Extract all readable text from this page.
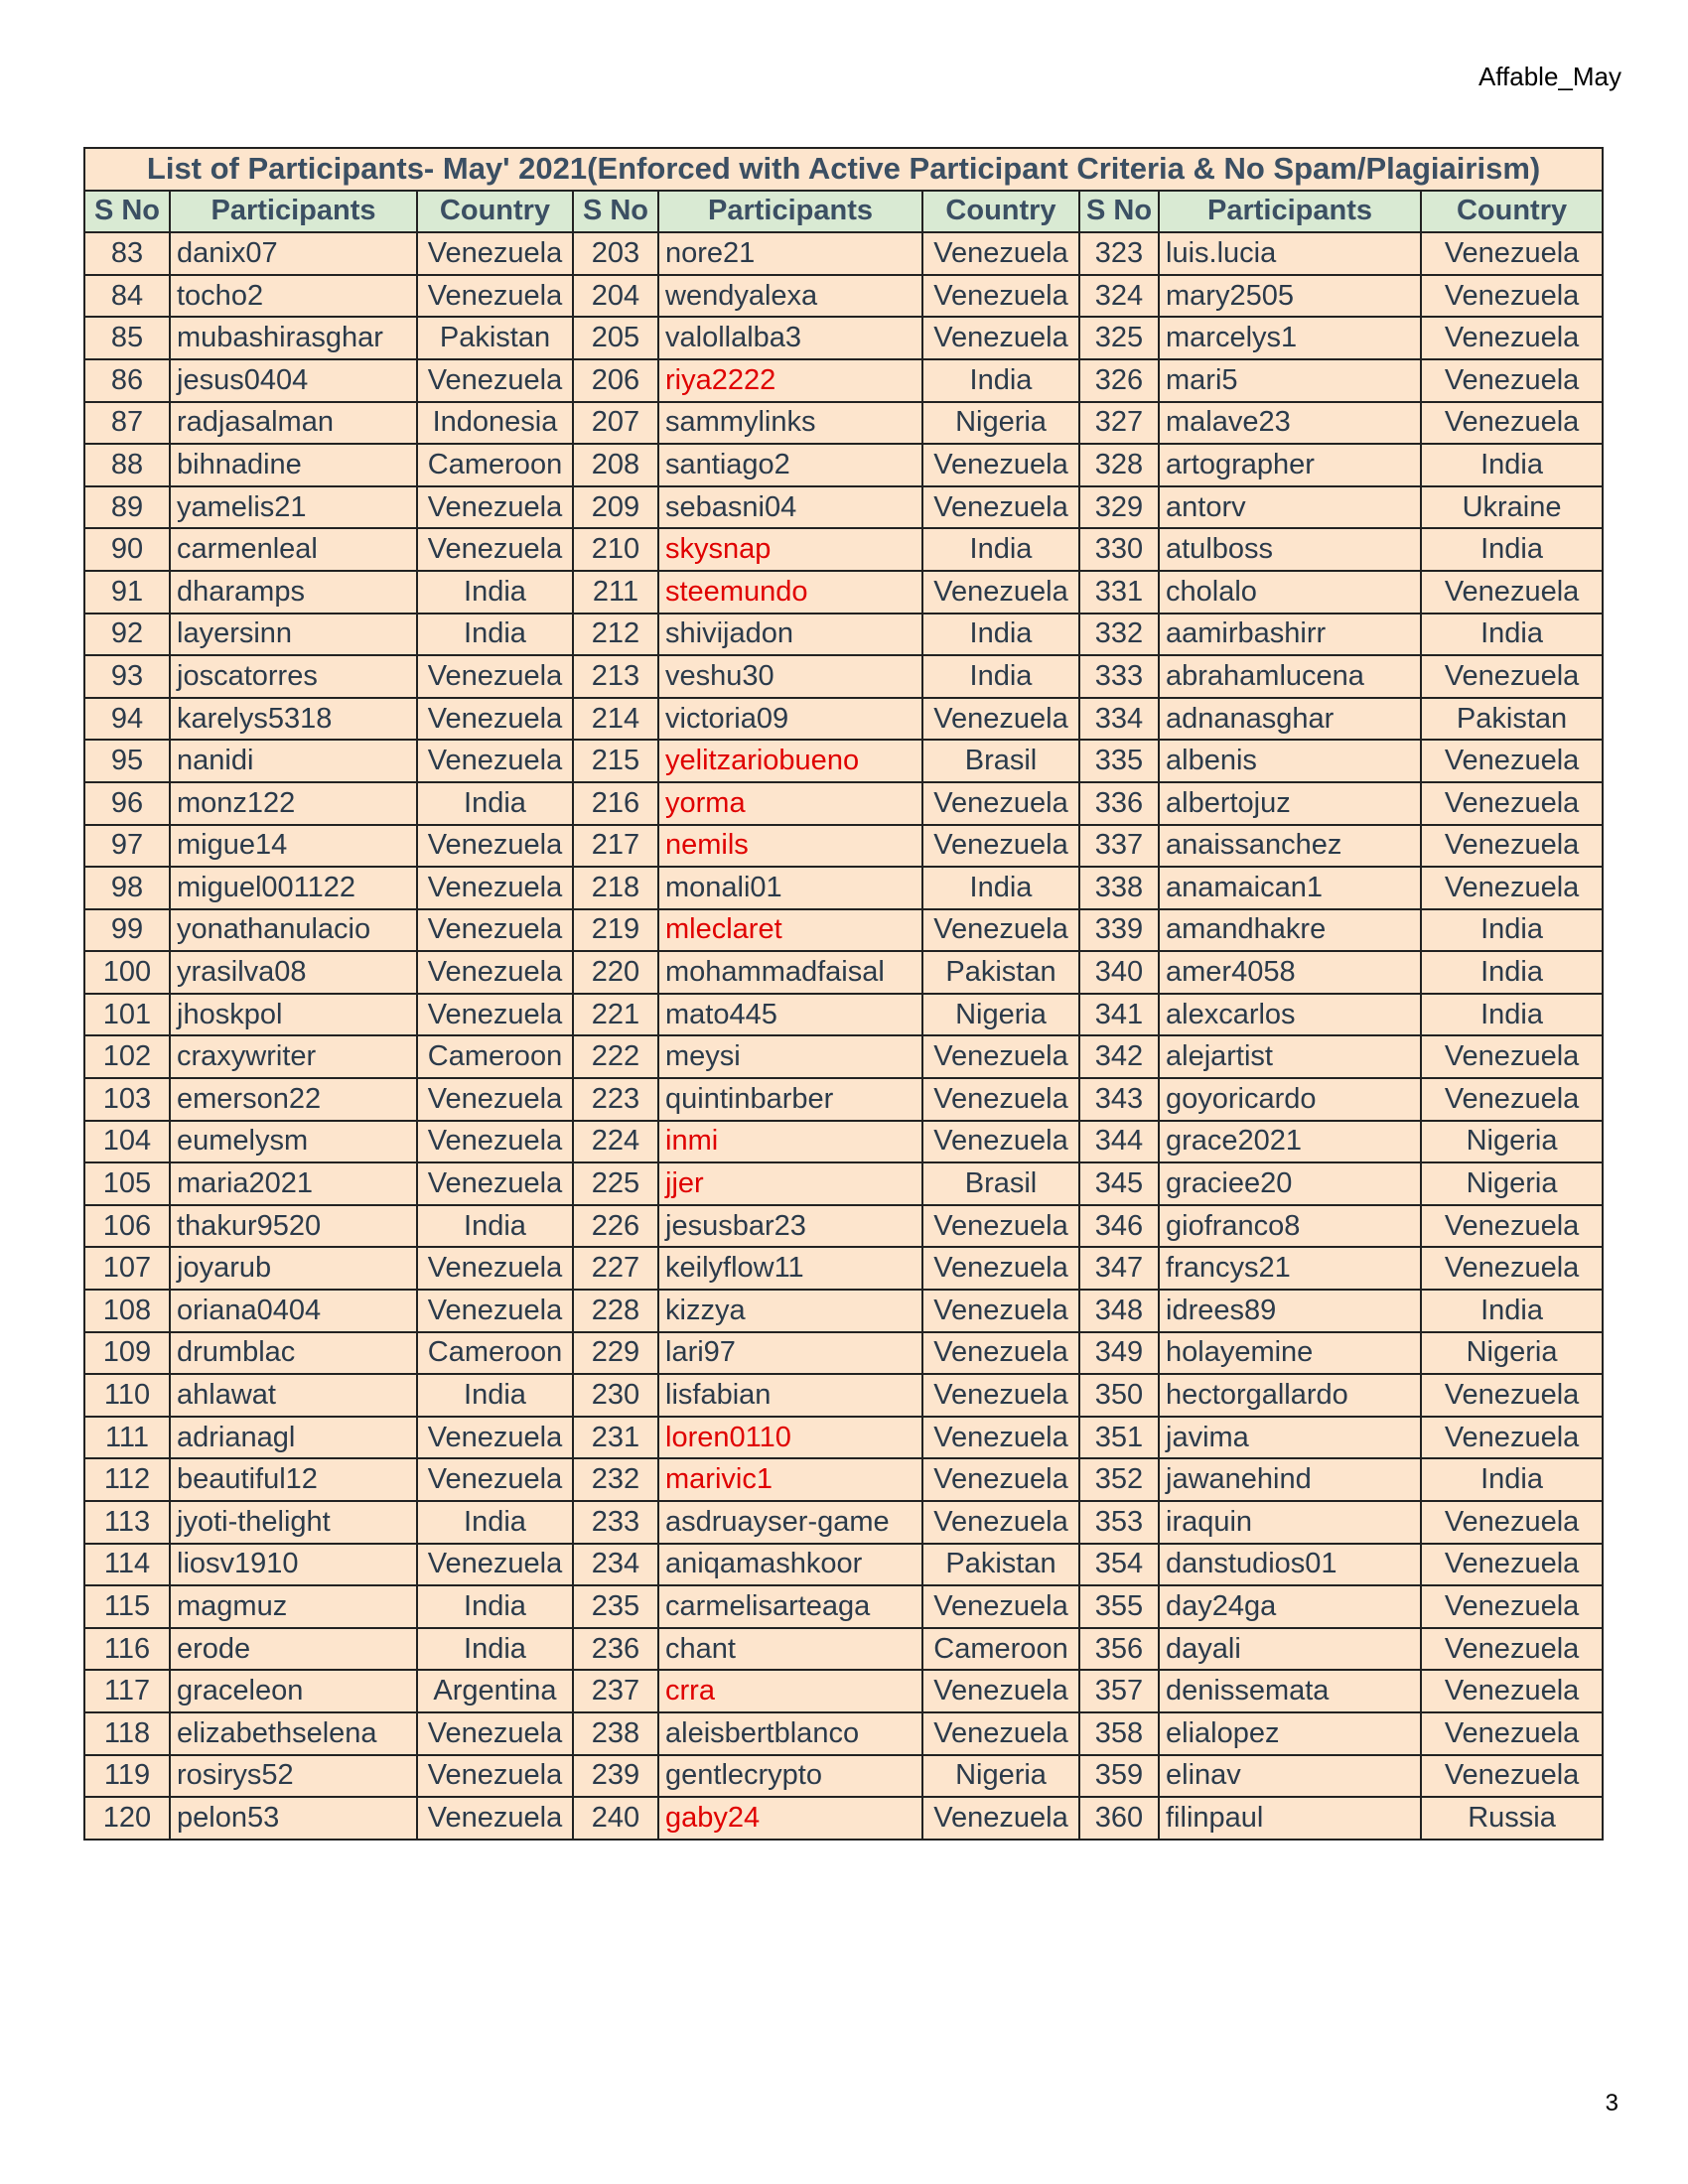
Affable_May
List of Participants- May' 2021(Enforced with Active Participant Criteria & No Spam/Plagiairism)								
S No	Participants	Country	S No	Participants	Country	S No	Participants	Country
83	danix07	Venezuela	203	nore21	Venezuela	323	luis.lucia	Venezuela
84	tocho2	Venezuela	204	wendyalexa	Venezuela	324	mary2505	Venezuela
85	mubashirasghar	Pakistan	205	valollalba3	Venezuela	325	marcelys1	Venezuela
86	jesus0404	Venezuela	206	riya2222	India	326	mari5	Venezuela
87	radjasalman	Indonesia	207	sammylinks	Nigeria	327	malave23	Venezuela
88	bihnadine	Cameroon	208	santiago2	Venezuela	328	artographer	India
89	yamelis21	Venezuela	209	sebasni04	Venezuela	329	antorv	Ukraine
90	carmenleal	Venezuela	210	skysnap	India	330	atulboss	India
91	dharamps	India	211	steemundo	Venezuela	331	cholalo	Venezuela
92	layersinn	India	212	shivijadon	India	332	aamirbashirr	India
93	joscatorres	Venezuela	213	veshu30	India	333	abrahamlucena	Venezuela
94	karelys5318	Venezuela	214	victoria09	Venezuela	334	adnanasghar	Pakistan
95	nanidi	Venezuela	215	yelitzariobueno	Brasil	335	albenis	Venezuela
96	monz122	India	216	yorma	Venezuela	336	albertojuz	Venezuela
97	migue14	Venezuela	217	nemils	Venezuela	337	anaissanchez	Venezuela
98	miguel001122	Venezuela	218	monali01	India	338	anamaican1	Venezuela
99	yonathanulacio	Venezuela	219	mleclaret	Venezuela	339	amandhakre	India
100	yrasilva08	Venezuela	220	mohammadfaisal	Pakistan	340	amer4058	India
101	jhoskpol	Venezuela	221	mato445	Nigeria	341	alexcarlos	India
102	craxywriter	Cameroon	222	meysi	Venezuela	342	alejartist	Venezuela
103	emerson22	Venezuela	223	quintinbarber	Venezuela	343	goyoricardo	Venezuela
104	eumelysm	Venezuela	224	inmi	Venezuela	344	grace2021	Nigeria
105	maria2021	Venezuela	225	jjer	Brasil	345	graciee20	Nigeria
106	thakur9520	India	226	jesusbar23	Venezuela	346	giofranco8	Venezuela
107	joyarub	Venezuela	227	keilyflow11	Venezuela	347	francys21	Venezuela
108	oriana0404	Venezuela	228	kizzya	Venezuela	348	idrees89	India
109	drumblac	Cameroon	229	lari97	Venezuela	349	holayemine	Nigeria
110	ahlawat	India	230	lisfabian	Venezuela	350	hectorgallardo	Venezuela
111	adrianagl	Venezuela	231	loren0110	Venezuela	351	javima	Venezuela
112	beautiful12	Venezuela	232	marivic1	Venezuela	352	jawanehind	India
113	jyoti-thelight	India	233	asdruayser-game	Venezuela	353	iraquin	Venezuela
114	liosv1910	Venezuela	234	aniqamashkoor	Pakistan	354	danstudios01	Venezuela
115	magmuz	India	235	carmelisarteaga	Venezuela	355	day24ga	Venezuela
116	erode	India	236	chant	Cameroon	356	dayali	Venezuela
117	graceleon	Argentina	237	crra	Venezuela	357	denissemata	Venezuela
118	elizabethselena	Venezuela	238	aleisbertblanco	Venezuela	358	elialopez	Venezuela
119	rosirys52	Venezuela	239	gentlecrypto	Nigeria	359	elinav	Venezuela
120	pelon53	Venezuela	240	gaby24	Venezuela	360	filinpaul	Russia
3
